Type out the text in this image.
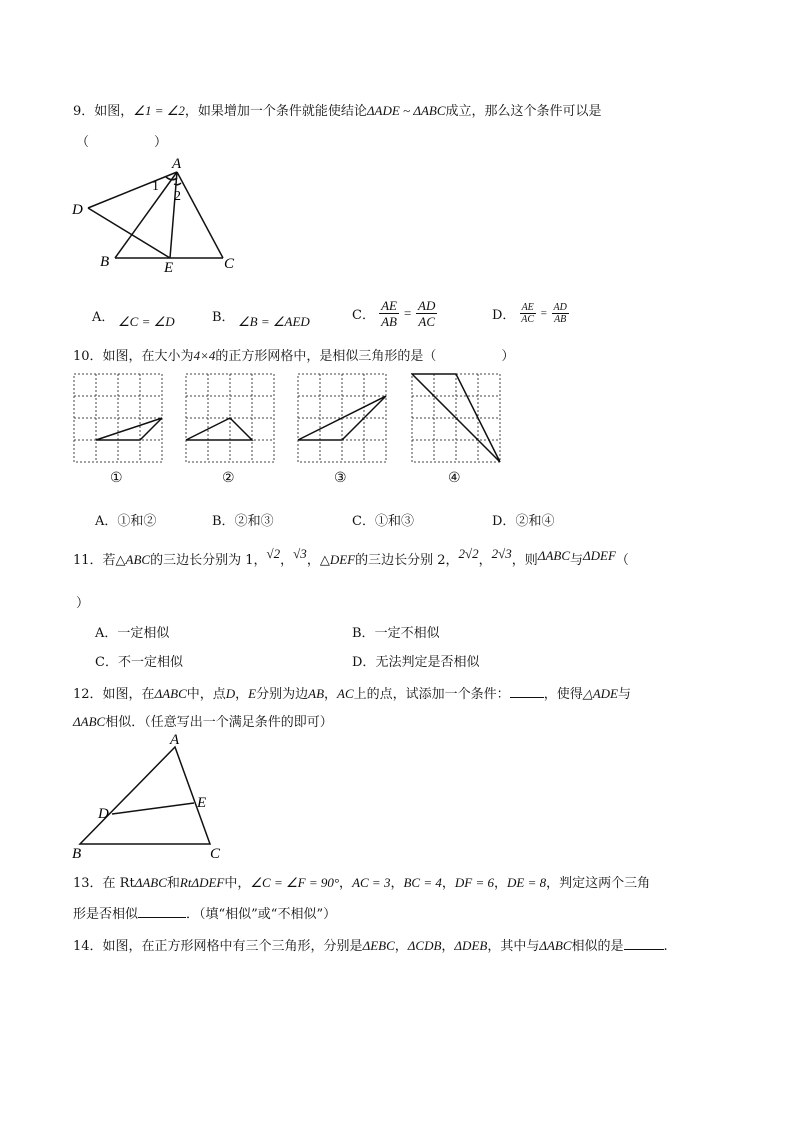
9．如图，∠1 = ∠2，如果增加一个条件就能使结论ΔADE ~ ΔABC成立，那么这个条件可以是
（　　　　　）
A
D
B	E	C
1
2
A． ∠C = ∠D	B． ∠B = ∠AED	C． $\frac{AE}{AB} = \frac{AD}{AC}$	D． $\frac{AE}{AC} = \frac{AD}{AB}$
10．如图，在大小为4×4的正方形网格中，是相似三角形的是（　　　　　）
①	②	③	④
A．①和②	B．②和③	C．①和③	D．②和④
11．若△ABC的三边长分别为 1，√2，√3，△DEF的三边长分别 2，2√2，2√3，则ΔABC与ΔDEF（
）
A．一定相似	B．一定不相似
C．不一定相似	D．无法判定是否相似
12．如图，在ΔABC中，点D，E分别为边AB，AC上的点，试添加一个条件：	，使得△ADE与
ΔABC相似．（任意写出一个满足条件的即可）
A
D
E
B	C
13．在 RtΔABC和RtΔDEF中，∠C = ∠F = 90°，AC = 3，BC = 4，DF = 6，DE = 8，判定这两个三角
形是否相似	．（填“相似”或“不相似”）
14．如图，在正方形网格中有三个三角形，分别是ΔEBC，ΔCDB，ΔDEB，其中与ΔABC相似的是	.
